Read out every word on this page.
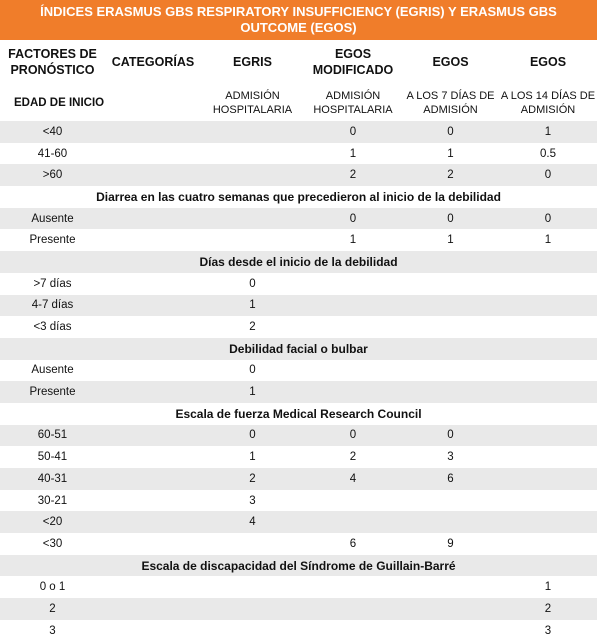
ÍNDICES ERASMUS GBS RESPIRATORY INSUFFICIENCY (EGRIS) Y ERASMUS GBS OUTCOME (EGOS)
FACTORES DE PRONÓSTICO	CATEGORÍAS	EGRIS	EGOS MODIFICADO	EGOS	EGOS
EDAD DE INICIO		ADMISIÓN HOSPITALARIA	ADMISIÓN HOSPITALARIA	A LOS 7 DÍAS DE ADMISIÓN	A LOS 14 DÍAS DE ADMISIÓN
<40			0	0	1
41-60			1	1	0.5
>60			2	2	0
Diarrea en las cuatro semanas que precedieron al inicio de la debilidad					
Ausente			0	0	0
Presente			1	1	1
Días desde el inicio de la debilidad					
>7 días		0			
4-7 días		1			
<3 días		2			
Debilidad facial o bulbar					
Ausente		0			
Presente		1			
Escala de fuerza Medical Research Council					
60-51		0	0	0	
50-41		1	2	3	
40-31		2	4	6	
30-21		3			
<20		4			
<30			6	9	
Escala de discapacidad del Síndrome de Guillain-Barré					
0 o 1					1
2					2
3					3
